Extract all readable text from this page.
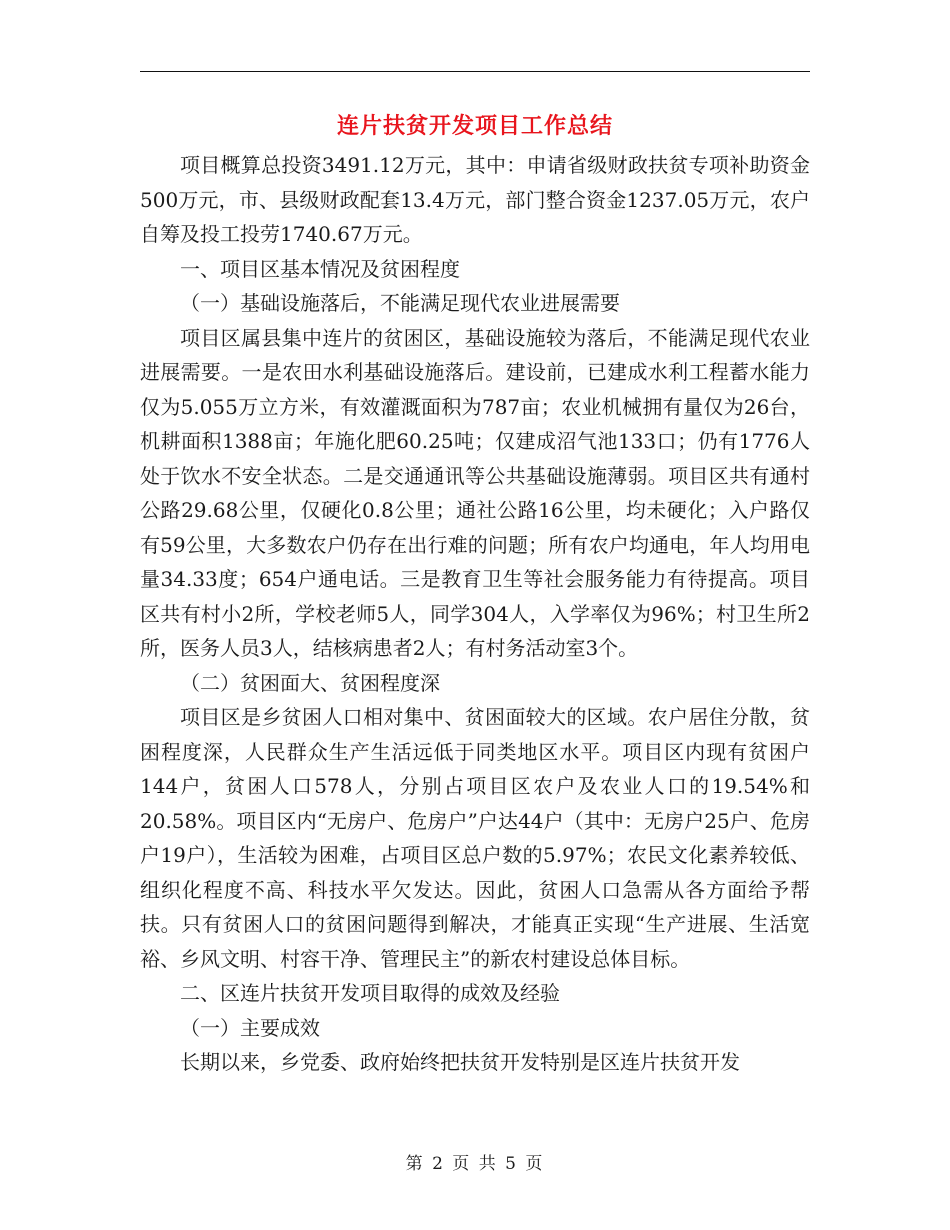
连片扶贫开发项目工作总结

项目概算总投资3491.12万元，其中：申请省级财政扶贫专项补助资金500万元，市、县级财政配套13.4万元，部门整合资金1237.05万元，农户自筹及投工投劳1740.67万元。

一、项目区基本情况及贫困程度

（一）基础设施落后，不能满足现代农业进展需要

项目区属县集中连片的贫困区，基础设施较为落后，不能满足现代农业进展需要。一是农田水利基础设施落后。建设前，已建成水利工程蓄水能力仅为5.055万立方米，有效灌溉面积为787亩；农业机械拥有量仅为26台，机耕面积1388亩；年施化肥60.25吨；仅建成沼气池133口；仍有1776人处于饮水不安全状态。二是交通通讯等公共基础设施薄弱。项目区共有通村公路29.68公里，仅硬化0.8公里；通社公路16公里，均未硬化；入户路仅有59公里，大多数农户仍存在出行难的问题；所有农户均通电，年人均用电量34.33度；654户通电话。三是教育卫生等社会服务能力有待提高。项目区共有村小2所，学校老师5人，同学304人，入学率仅为96%；村卫生所2所，医务人员3人，结核病患者2人；有村务活动室3个。

（二）贫困面大、贫困程度深

项目区是乡贫困人口相对集中、贫困面较大的区域。农户居住分散，贫困程度深，人民群众生产生活远低于同类地区水平。项目区内现有贫困户144户，贫困人口578人，分别占项目区农户及农业人口的19.54%和20.58%。项目区内“无房户、危房户”户达44户（其中：无房户25户、危房户19户），生活较为困难，占项目区总户数的5.97%；农民文化素养较低、组织化程度不高、科技水平欠发达。因此，贫困人口急需从各方面给予帮扶。只有贫困人口的贫困问题得到解决，才能真正实现“生产进展、生活宽裕、乡风文明、村容干净、管理民主”的新农村建设总体目标。

二、区连片扶贫开发项目取得的成效及经验

（一）主要成效

长期以来，乡党委、政府始终把扶贫开发特别是区连片扶贫开发

第 2 页 共 5 页
